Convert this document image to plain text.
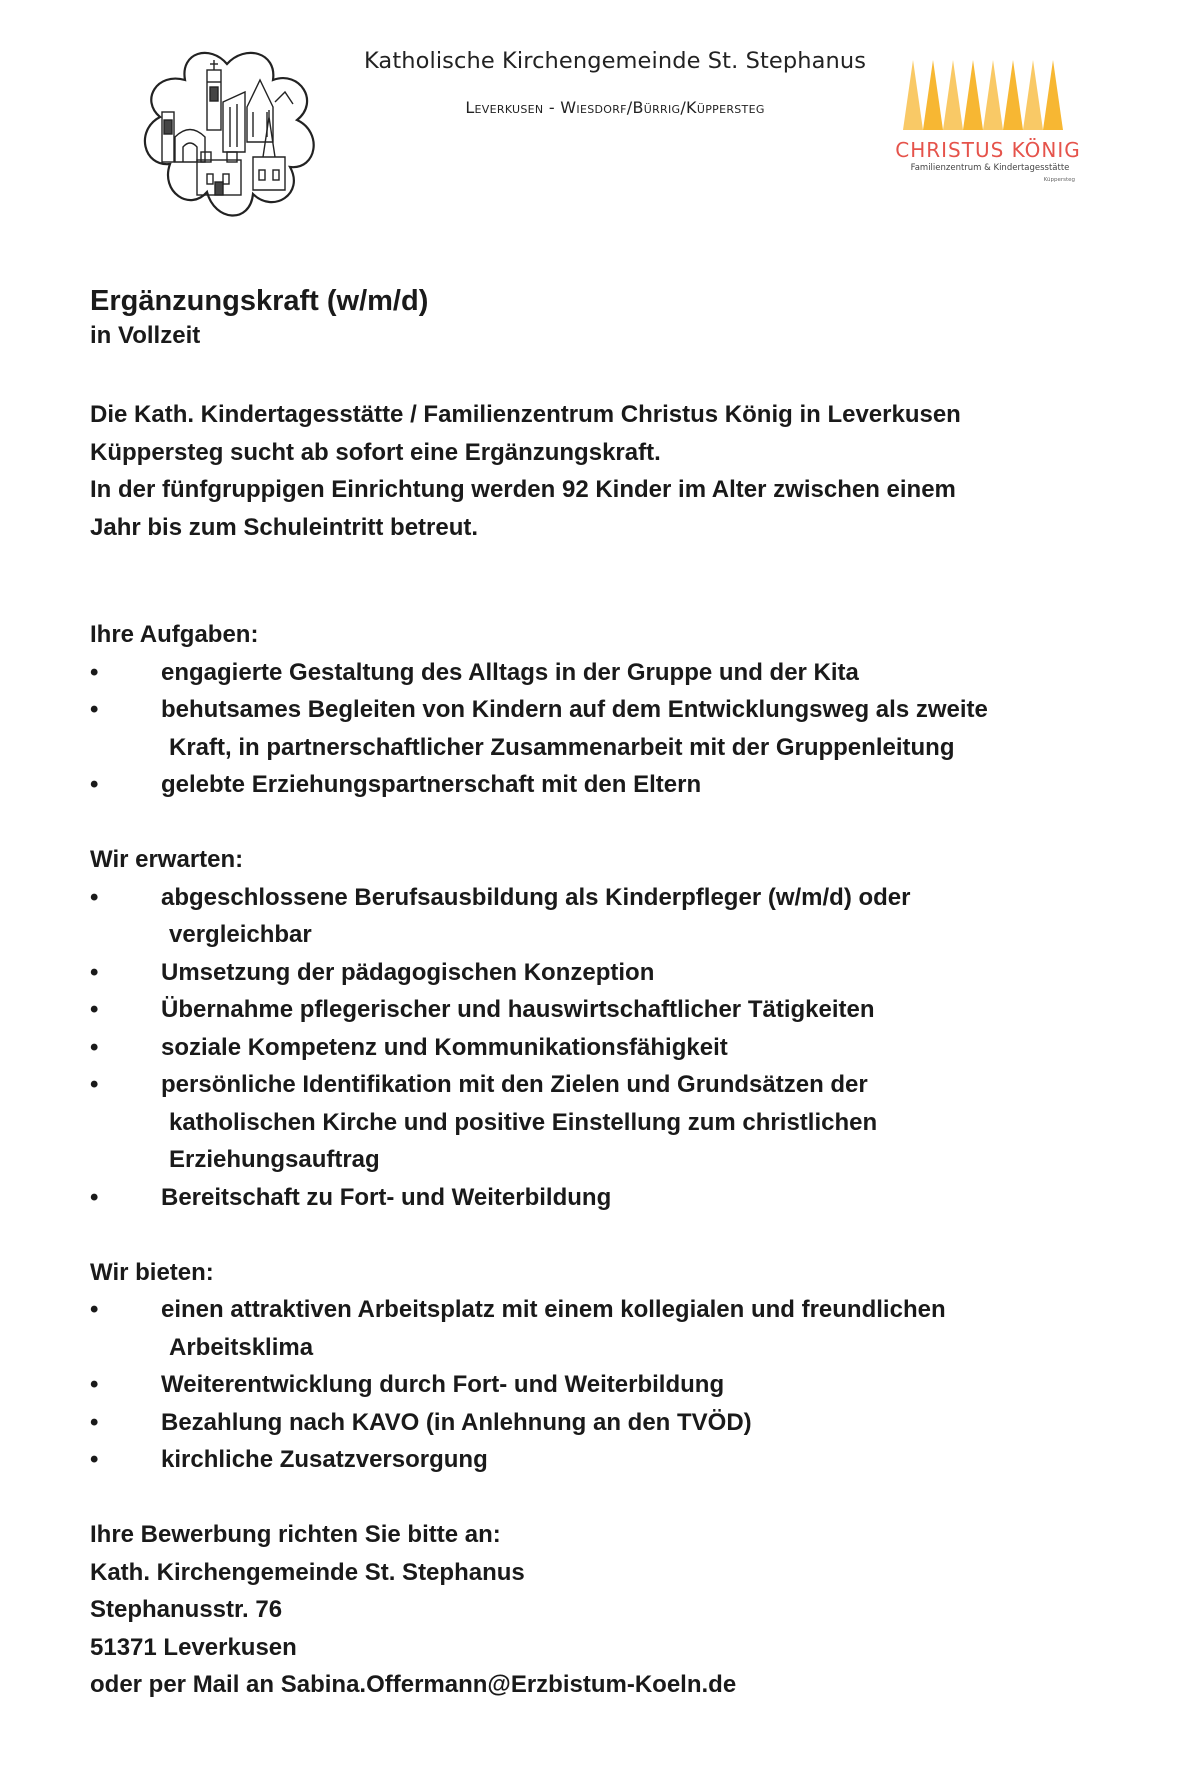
Katholische Kirchengemeinde St. Stephanus
Leverkusen - Wiesdorf/Bürrig/Küppersteg
CHRISTUS KÖNIG
Familienzentrum & Kindertagesstätte
Küppersteg
Ergänzungskraft (w/m/d)

in Vollzeit

Die Kath. Kindertagesstätte / Familienzentrum Christus König in Leverkusen
Küppersteg sucht ab sofort eine Ergänzungskraft.
In der fünfgruppigen Einrichtung werden 92 Kinder im Alter zwischen einem
Jahr bis zum Schuleintritt betreut.

Ihre Aufgaben:

•	engagierte Gestaltung des Alltags in der Gruppe und der Kita
•	behutsames Begleiten von Kindern auf dem Entwicklungsweg als zweite
Kraft, in partnerschaftlicher Zusammenarbeit mit der Gruppenleitung
•	gelebte Erziehungspartnerschaft mit den Eltern

Wir erwarten:

•	abgeschlossene Berufsausbildung als Kinderpfleger (w/m/d) oder
vergleichbar
•	Umsetzung der pädagogischen Konzeption
•	Übernahme pflegerischer und hauswirtschaftlicher Tätigkeiten
•	soziale Kompetenz und Kommunikationsfähigkeit
•	persönliche Identifikation mit den Zielen und Grundsätzen der
katholischen Kirche und positive Einstellung zum christlichen
Erziehungsauftrag
•	Bereitschaft zu Fort- und Weiterbildung

Wir bieten:

•	einen attraktiven Arbeitsplatz mit einem kollegialen und freundlichen
Arbeitsklima
•	Weiterentwicklung durch Fort- und Weiterbildung
•	Bezahlung nach KAVO (in Anlehnung an den TVÖD)
•	kirchliche Zusatzversorgung

Ihre Bewerbung richten Sie bitte an:

Kath. Kirchengemeinde St. Stephanus

Stephanusstr. 76

51371 Leverkusen

oder per Mail an Sabina.Offermann@Erzbistum-Koeln.de
